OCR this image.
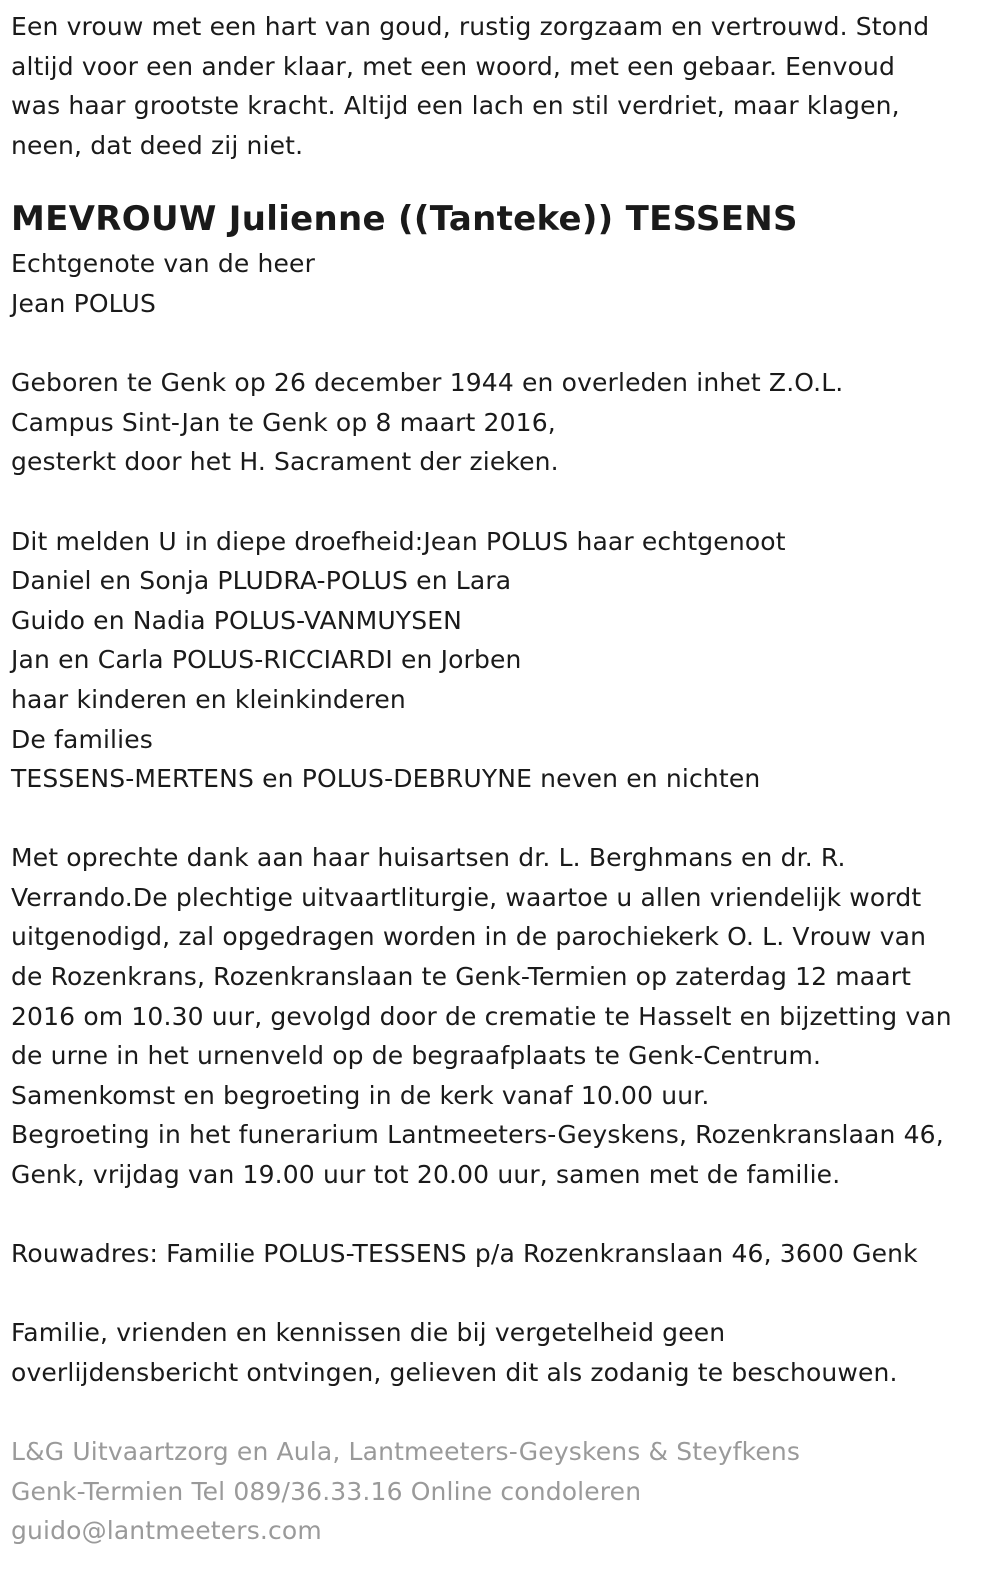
Een vrouw met een hart van goud, rustig zorgzaam en vertrouwd. Stond
altijd voor een ander klaar, met een woord, met een gebaar. Eenvoud
was haar grootste kracht. Altijd een lach en stil verdriet, maar klagen,
neen, dat deed zij niet.
MEVROUW Julienne ((Tanteke)) TESSENS
Echtgenote van de heer
Jean POLUS
Geboren te Genk op 26 december 1944 en overleden inhet Z.O.L.
Campus Sint-Jan te Genk op 8 maart 2016,
gesterkt door het H. Sacrament der zieken.
Dit melden U in diepe droefheid:Jean POLUS haar echtgenoot
Daniel en Sonja PLUDRA-POLUS en Lara
Guido en Nadia POLUS-VANMUYSEN
Jan en Carla POLUS-RICCIARDI en Jorben
haar kinderen en kleinkinderen
De families
TESSENS-MERTENS en POLUS-DEBRUYNE neven en nichten
Met oprechte dank aan haar huisartsen dr. L. Berghmans en dr. R.
Verrando.De plechtige uitvaartliturgie, waartoe u allen vriendelijk wordt
uitgenodigd, zal opgedragen worden in de parochiekerk O. L. Vrouw van
de Rozenkrans, Rozenkranslaan te Genk-Termien op zaterdag 12 maart
2016 om 10.30 uur, gevolgd door de crematie te Hasselt en bijzetting van
de urne in het urnenveld op de begraafplaats te Genk-Centrum.
Samenkomst en begroeting in de kerk vanaf 10.00 uur.
Begroeting in het funerarium Lantmeeters-Geyskens, Rozenkranslaan 46,
Genk, vrijdag van 19.00 uur tot 20.00 uur, samen met de familie.
Rouwadres: Familie POLUS-TESSENS p/a Rozenkranslaan 46, 3600 Genk
Familie, vrienden en kennissen die bij vergetelheid geen
overlijdensbericht ontvingen, gelieven dit als zodanig te beschouwen.
L&G Uitvaartzorg en Aula, Lantmeeters-Geyskens & Steyfkens
Genk-Termien Tel 089/36.33.16 Online condoleren
guido@lantmeeters.com
